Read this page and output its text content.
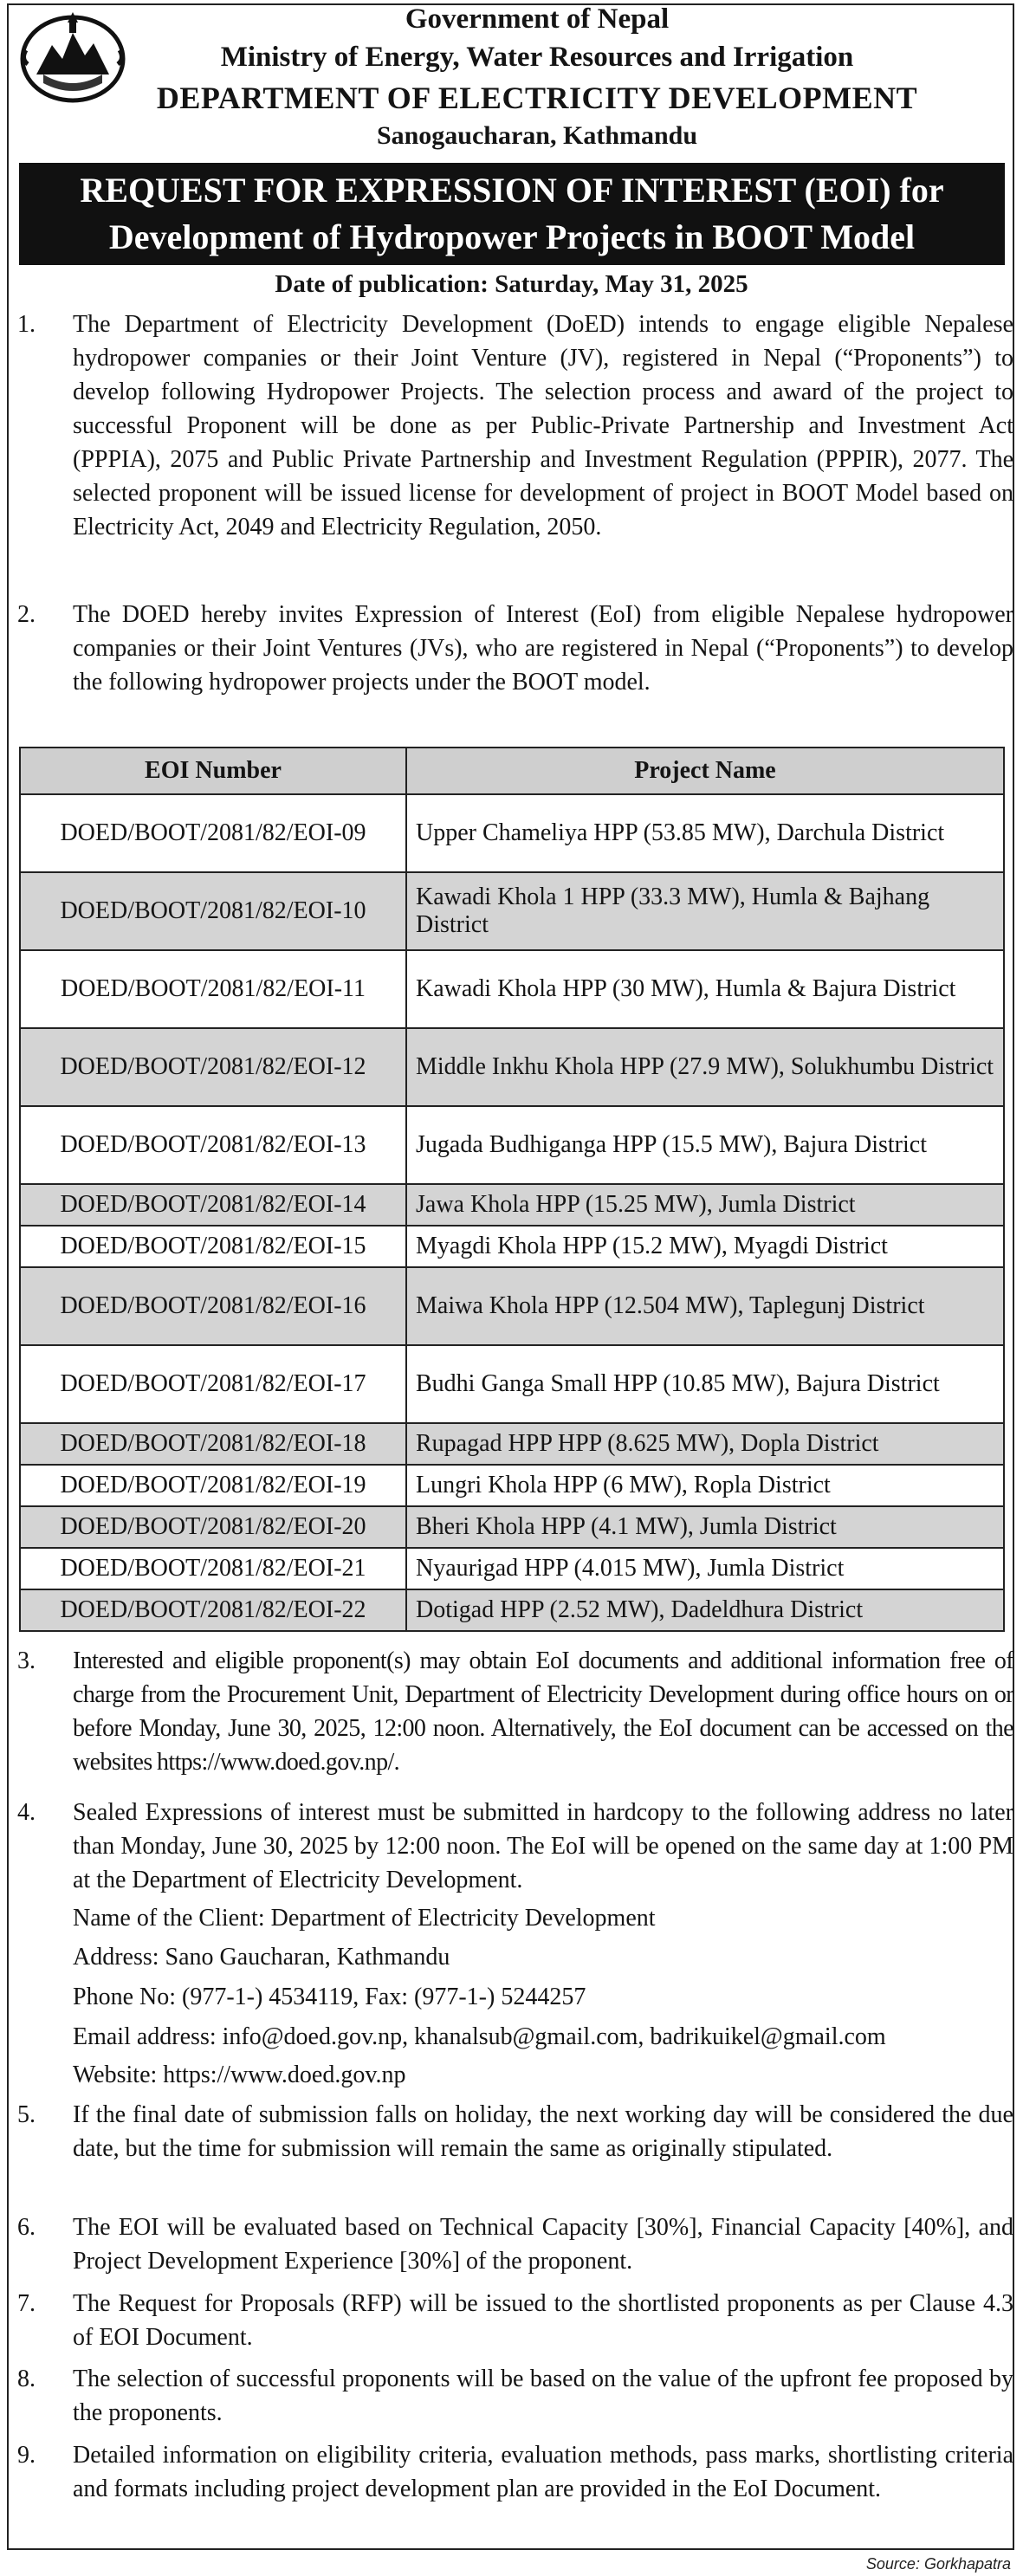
Government of Nepal
Ministry of Energy, Water Resources and Irrigation
DEPARTMENT OF ELECTRICITY DEVELOPMENT
Sanogaucharan, Kathmandu
REQUEST FOR EXPRESSION OF INTEREST (EOI) for
Development of Hydropower Projects in BOOT Model
Date of publication: Saturday, May 31, 2025
1.	The Department of Electricity Development (DoED) intends to engage eligible Nepalese hydropower companies or their Joint Venture (JV), registered in Nepal (“Proponents”) to develop following Hydropower Projects. The selection process and award of the project to successful Proponent will be done as per Public-Private Partnership and Investment Act (PPPIA), 2075 and Public Private Partnership and Investment Regulation (PPPIR), 2077. The selected proponent will be issued license for development of project in BOOT Model based on Electricity Act, 2049 and Electricity Regulation, 2050.
2.	The DOED hereby invites Expression of Interest (EoI) from eligible Nepalese hydropower companies or their Joint Ventures (JVs), who are registered in Nepal (“Proponents”) to develop the following hydropower projects under the BOOT model.
EOI Number	Project Name
DOED/BOOT/2081/82/EOI-09	Upper Chameliya HPP (53.85 MW), Darchula District
DOED/BOOT/2081/82/EOI-10	Kawadi Khola 1 HPP (33.3 MW), Humla & Bajhang District
DOED/BOOT/2081/82/EOI-11	Kawadi Khola HPP (30 MW), Humla & Bajura District
DOED/BOOT/2081/82/EOI-12	Middle Inkhu Khola HPP (27.9 MW), Solukhumbu District
DOED/BOOT/2081/82/EOI-13	Jugada Budhiganga HPP (15.5 MW), Bajura District
DOED/BOOT/2081/82/EOI-14	Jawa Khola HPP (15.25 MW), Jumla District
DOED/BOOT/2081/82/EOI-15	Myagdi Khola HPP (15.2 MW), Myagdi District
DOED/BOOT/2081/82/EOI-16	Maiwa Khola HPP (12.504 MW), Taplegunj District
DOED/BOOT/2081/82/EOI-17	Budhi Ganga Small HPP (10.85 MW), Bajura District
DOED/BOOT/2081/82/EOI-18	Rupagad HPP HPP (8.625 MW), Dopla District
DOED/BOOT/2081/82/EOI-19	Lungri Khola HPP (6 MW), Ropla District
DOED/BOOT/2081/82/EOI-20	Bheri Khola HPP (4.1 MW), Jumla District
DOED/BOOT/2081/82/EOI-21	Nyaurigad HPP (4.015 MW), Jumla District
DOED/BOOT/2081/82/EOI-22	Dotigad HPP (2.52 MW), Dadeldhura District
3.	Interested and eligible proponent(s) may obtain EoI documents and additional information free of charge from the Procurement Unit, Department of Electricity Development during office hours on or before Monday, June 30, 2025, 12:00 noon. Alternatively, the EoI document can be accessed on the websites https://www.doed.gov.np/.
4.	Sealed Expressions of interest must be submitted in hardcopy to the following address no later than Monday, June 30, 2025 by 12:00 noon. The EoI will be opened on the same day at 1:00 PM at the Department of Electricity Development.
Name of the Client: Department of Electricity Development
Address: Sano Gaucharan, Kathmandu
Phone No: (977-1-) 4534119, Fax: (977-1-) 5244257
Email address: info@doed.gov.np, khanalsub@gmail.com, badrikuikel@gmail.com
Website: https://www.doed.gov.np
5.	If the final date of submission falls on holiday, the next working day will be considered the due date, but the time for submission will remain the same as originally stipulated.
6.	The EOI will be evaluated based on Technical Capacity [30%], Financial Capacity [40%], and Project Development Experience [30%] of the proponent.
7.	The Request for Proposals (RFP) will be issued to the shortlisted proponents as per Clause 4.3 of EOI Document.
8.	The selection of successful proponents will be based on the value of the upfront fee proposed by the proponents.
9.	Detailed information on eligibility criteria, evaluation methods, pass marks, shortlisting criteria and formats including project development plan are provided in the EoI Document.
Source: Gorkhapatra
